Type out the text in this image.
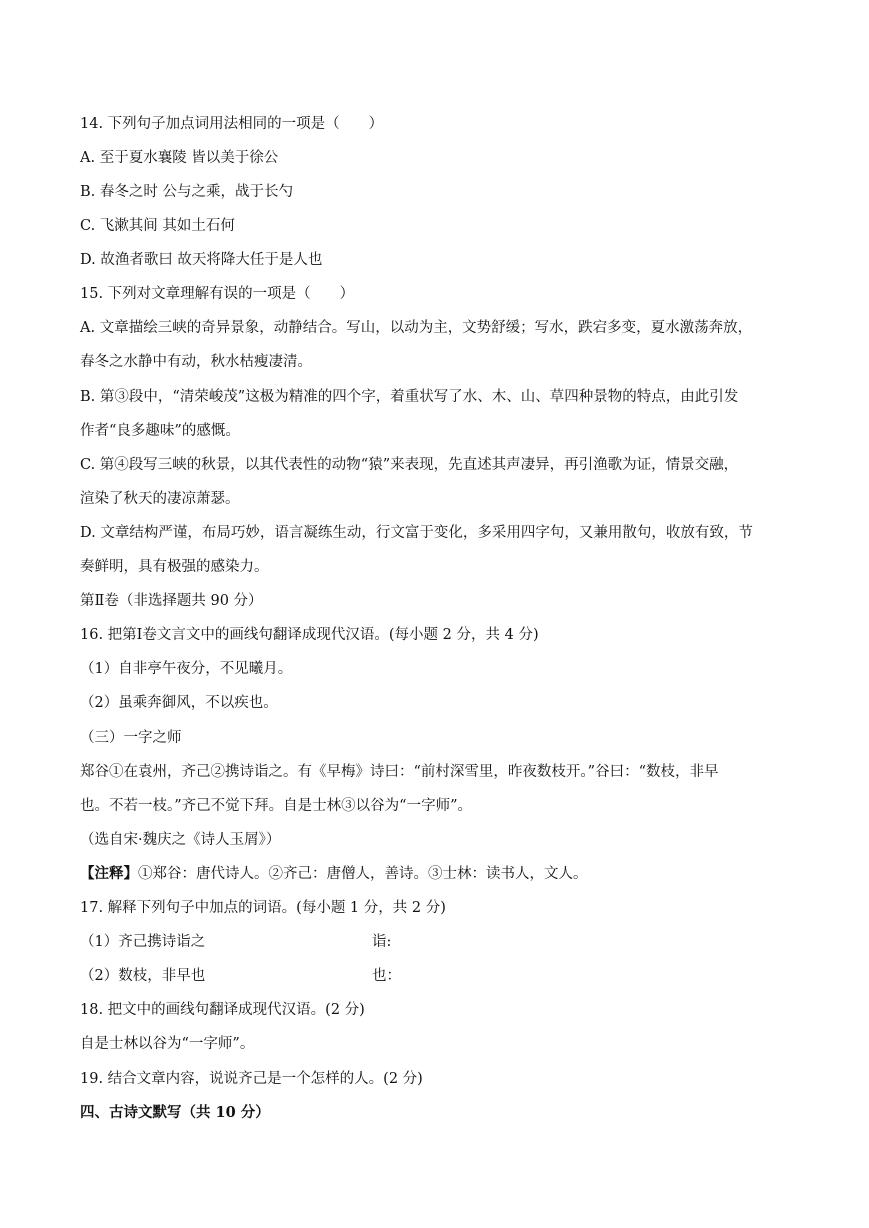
14. 下列句子加点词用法相同的一项是（　　）
A. 至于夏水襄陵 皆以美于徐公
B. 春冬之时 公与之乘，战于长勺
C. 飞漱其间 其如土石何
D. 故渔者歌曰 故天将降大任于是人也
15. 下列对文章理解有误的一项是（　　）
A. 文章描绘三峡的奇异景象，动静结合。写山，以动为主，文势舒缓；写水，跌宕多变，夏水激荡奔放，
春冬之水静中有动，秋水枯瘦凄清。
B. 第③段中，“清荣峻茂”这极为精准的四个字，着重状写了水、木、山、草四种景物的特点，由此引发
作者“良多趣味”的感慨。
C. 第④段写三峡的秋景，以其代表性的动物“猿”来表现，先直述其声凄异，再引渔歌为证，情景交融，
渲染了秋天的凄凉萧瑟。
D. 文章结构严谨，布局巧妙，语言凝练生动，行文富于变化，多采用四字句，又兼用散句，收放有致，节
奏鲜明，具有极强的感染力。
第Ⅱ卷（非选择题共 90 分）
16. 把第Ⅰ卷文言文中的画线句翻译成现代汉语。(每小题 2 分，共 4 分)
（1）自非亭午夜分，不见曦月。
（2）虽乘奔御风，不以疾也。
（三）一字之师
郑谷①在袁州，齐己②携诗诣之。有《早梅》诗曰：“前村深雪里，昨夜数枝开。”谷曰：“数枝，非早
也。不若一枝。”齐己不觉下拜。自是士林③以谷为“一字师”。
（选自宋·魏庆之《诗人玉屑》）
【注释】①郑谷：唐代诗人。②齐己：唐僧人，善诗。③士林：读书人，文人。
17. 解释下列句子中加点的词语。(每小题 1 分，共 2 分)
（1）齐己携诗诣之	诣:
（2）数枝，非早也	也：
18. 把文中的画线句翻译成现代汉语。(2 分)
自是士林以谷为“一字师”。
19. 结合文章内容，说说齐己是一个怎样的人。(2 分)
四、古诗文默写（共 10 分）
